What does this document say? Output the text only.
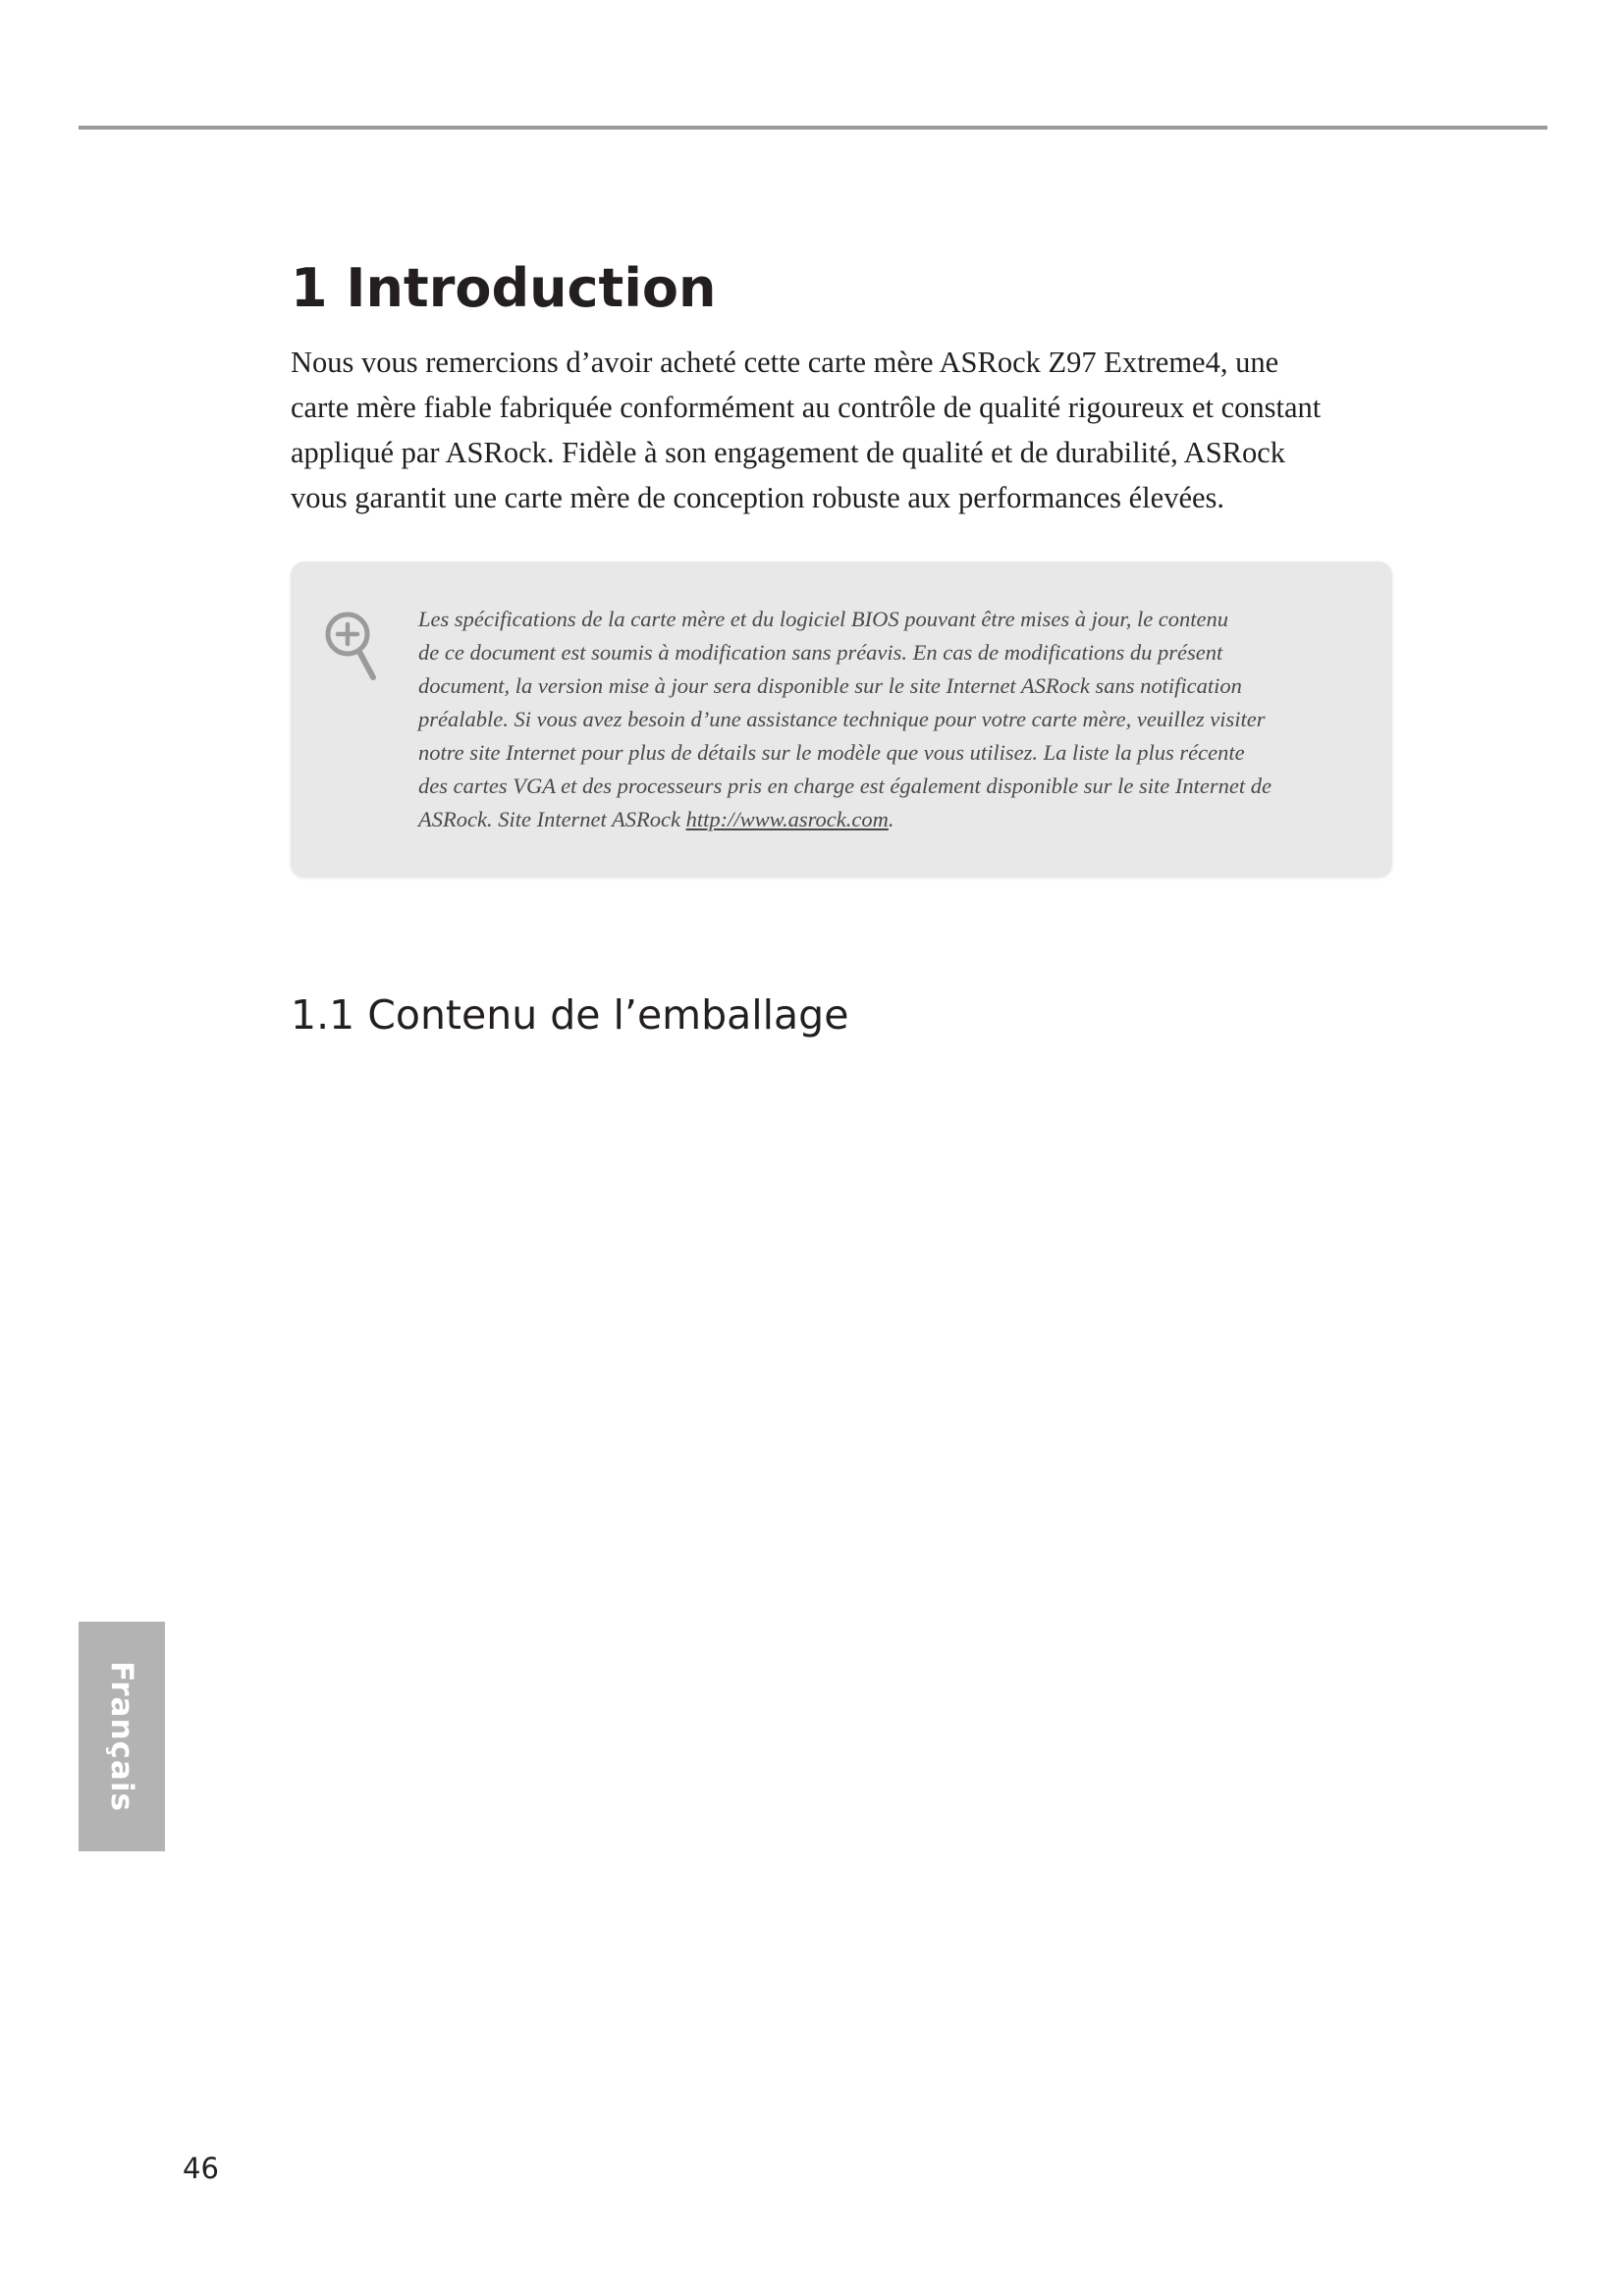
1 Introduction
Nous vous remercions d’avoir acheté cette carte mère ASRock Z97 Extreme4, une
carte mère fiable fabriquée conformément au contrôle de qualité rigoureux et constant
appliqué par ASRock. Fidèle à son engagement de qualité et de durabilité, ASRock
vous garantit une carte mère de conception robuste aux performances élevées.
Les spécifications de la carte mère et du logiciel BIOS pouvant être mises à jour, le contenu
de ce document est soumis à modification sans préavis. En cas de modifications du présent
document, la version mise à jour sera disponible sur le site Internet ASRock sans notification
préalable. Si vous avez besoin d’une assistance technique pour votre carte mère, veuillez visiter
notre site Internet pour plus de détails sur le modèle que vous utilisez. La liste la plus récente
des cartes VGA et des processeurs pris en charge est également disponible sur le site Internet de
ASRock. Site Internet ASRock http://www.asrock.com.
1.1 Contenu de l’emballage
Français
46
